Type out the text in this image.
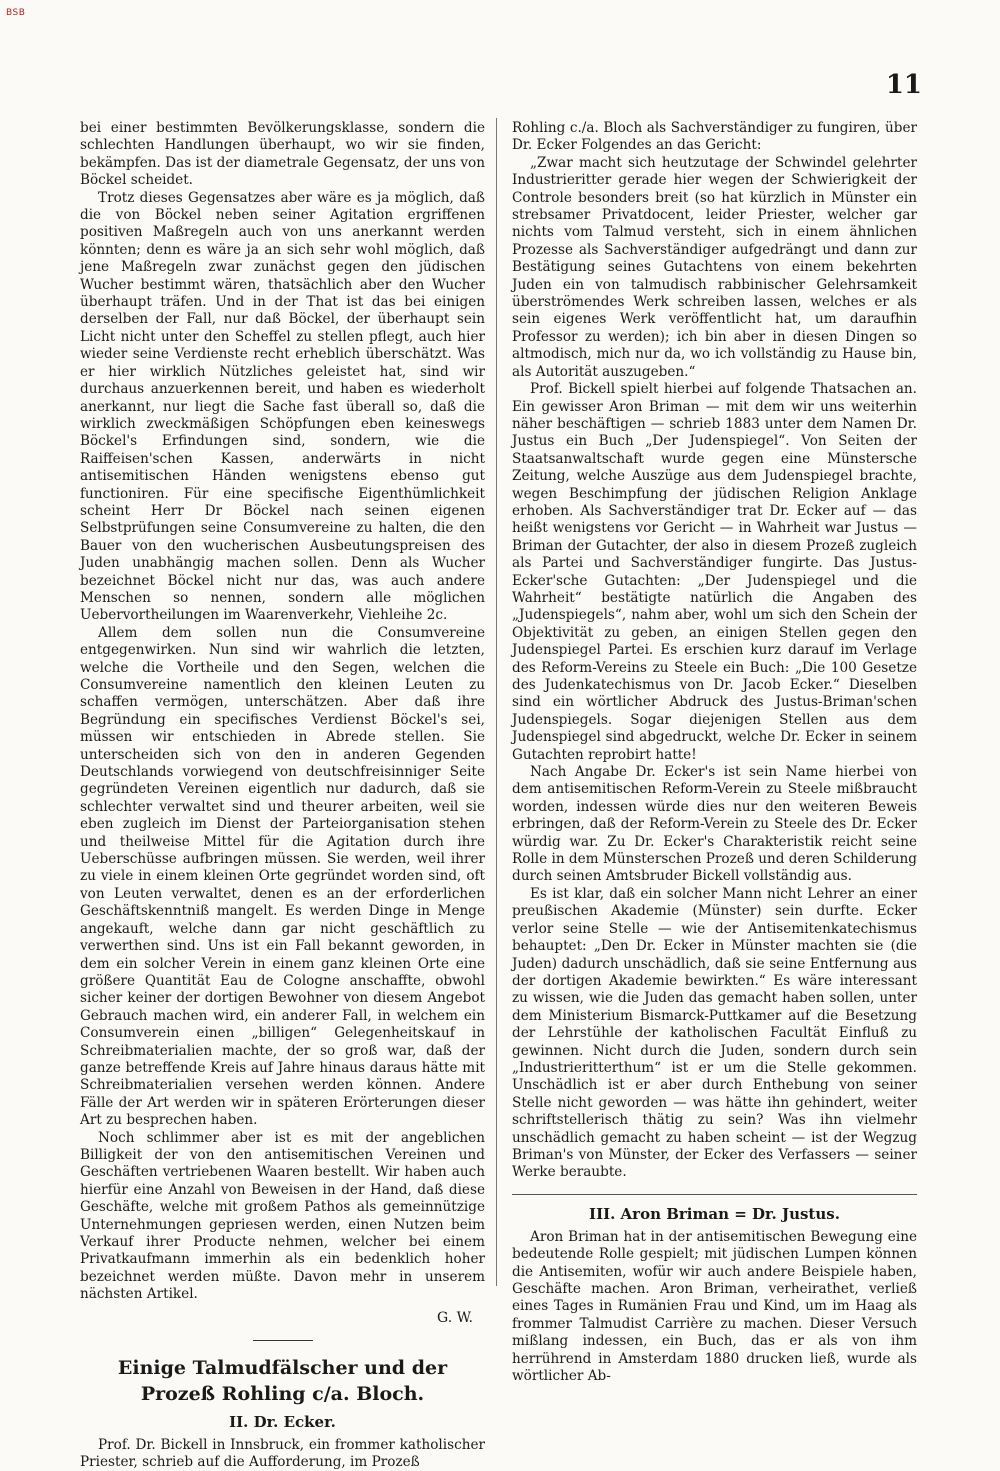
BSB
11

bei einer bestimmten Bevölkerungsklasse, sondern die schlechten Handlungen überhaupt, wo wir sie finden, bekämpfen. Das ist der diametrale Gegensatz, der uns von Böckel scheidet.

Trotz dieses Gegensatzes aber wäre es ja möglich, daß die von Böckel neben seiner Agitation ergriffenen positiven Maßregeln auch von uns anerkannt werden könnten; denn es wäre ja an sich sehr wohl möglich, daß jene Maßregeln zwar zunächst gegen den jüdischen Wucher bestimmt wären, thatsächlich aber den Wucher überhaupt träfen. Und in der That ist das bei einigen derselben der Fall, nur daß Böckel, der überhaupt sein Licht nicht unter den Scheffel zu stellen pflegt, auch hier wieder seine Verdienste recht erheblich überschätzt. Was er hier wirklich Nützliches geleistet hat, sind wir durchaus anzuerkennen bereit, und haben es wiederholt anerkannt, nur liegt die Sache fast überall so, daß die wirklich zweckmäßigen Schöpfungen eben keineswegs Böckel's Erfindungen sind, sondern, wie die Raiffeisen'schen Kassen, anderwärts in nicht antisemitischen Händen wenigstens ebenso gut functioniren. Für eine specifische Eigenthümlichkeit scheint Herr Dr Böckel nach seinen eigenen Selbstprüfungen seine Consumvereine zu halten, die den Bauer von den wucherischen Ausbeutungspreisen des Juden unabhängig machen sollen. Denn als Wucher bezeichnet Böckel nicht nur das, was auch andere Menschen so nennen, sondern alle möglichen Uebervortheilungen im Waarenverkehr, Viehleihe 2c.

Allem dem sollen nun die Consumvereine entgegenwirken. Nun sind wir wahrlich die letzten, welche die Vortheile und den Segen, welchen die Consumvereine namentlich den kleinen Leuten zu schaffen vermögen, unterschätzen. Aber daß ihre Begründung ein specifisches Verdienst Böckel's sei, müssen wir entschieden in Abrede stellen. Sie unterscheiden sich von den in anderen Gegenden Deutschlands vorwiegend von deutschfreisinniger Seite gegründeten Vereinen eigentlich nur dadurch, daß sie schlechter verwaltet sind und theurer arbeiten, weil sie eben zugleich im Dienst der Parteiorganisation stehen und theilweise Mittel für die Agitation durch ihre Ueberschüsse aufbringen müssen. Sie werden, weil ihrer zu viele in einem kleinen Orte gegründet worden sind, oft von Leuten verwaltet, denen es an der erforderlichen Geschäftskenntniß mangelt. Es werden Dinge in Menge angekauft, welche dann gar nicht geschäftlich zu verwerthen sind. Uns ist ein Fall bekannt geworden, in dem ein solcher Verein in einem ganz kleinen Orte eine größere Quantität Eau de Cologne anschaffte, obwohl sicher keiner der dortigen Bewohner von diesem Angebot Gebrauch machen wird, ein anderer Fall, in welchem ein Consumverein einen „billigen“ Gelegenheitskauf in Schreibmaterialien machte, der so groß war, daß der ganze betreffende Kreis auf Jahre hinaus daraus hätte mit Schreibmaterialien versehen werden können. Andere Fälle der Art werden wir in späteren Erörterungen dieser Art zu besprechen haben.

Noch schlimmer aber ist es mit der angeblichen Billigkeit der von den antisemitischen Vereinen und Geschäften vertriebenen Waaren bestellt. Wir haben auch hierfür eine Anzahl von Beweisen in der Hand, daß diese Geschäfte, welche mit großem Pathos als gemeinnützige Unternehmungen gepriesen werden, einen Nutzen beim Verkauf ihrer Producte nehmen, welcher bei einem Privatkaufmann immerhin als ein bedenklich hoher bezeichnet werden müßte. Davon mehr in unserem nächsten Artikel.

G. W.
Einige Talmudfälscher und der Prozeß Rohling c/a. Bloch.
II. Dr. Ecker.

Prof. Dr. Bickell in Innsbruck, ein frommer katholischer Priester, schrieb auf die Aufforderung, im Prozeß

Rohling c./a. Bloch als Sachverständiger zu fungiren, über Dr. Ecker Folgendes an das Gericht:

„Zwar macht sich heutzutage der Schwindel gelehrter Industrieritter gerade hier wegen der Schwierigkeit der Controle besonders breit (so hat kürzlich in Münster ein strebsamer Privatdocent, leider Priester, welcher gar nichts vom Talmud versteht, sich in einem ähnlichen Prozesse als Sachverständiger aufgedrängt und dann zur Bestätigung seines Gutachtens von einem bekehrten Juden ein von talmudisch rabbinischer Gelehrsamkeit überströmendes Werk schreiben lassen, welches er als sein eigenes Werk veröffentlicht hat, um daraufhin Professor zu werden); ich bin aber in diesen Dingen so altmodisch, mich nur da, wo ich vollständig zu Hause bin, als Autorität auszugeben.“

Prof. Bickell spielt hierbei auf folgende Thatsachen an. Ein gewisser Aron Briman — mit dem wir uns weiterhin näher beschäftigen — schrieb 1883 unter dem Namen Dr. Justus ein Buch „Der Judenspiegel“. Von Seiten der Staatsanwaltschaft wurde gegen eine Münstersche Zeitung, welche Auszüge aus dem Judenspiegel brachte, wegen Beschimpfung der jüdischen Religion Anklage erhoben. Als Sachverständiger trat Dr. Ecker auf — das heißt wenigstens vor Gericht — in Wahrheit war Justus — Briman der Gutachter, der also in diesem Prozeß zugleich als Partei und Sachverständiger fungirte. Das Justus-Ecker'sche Gutachten: „Der Judenspiegel und die Wahrheit“ bestätigte natürlich die Angaben des „Judenspiegels“, nahm aber, wohl um sich den Schein der Objektivität zu geben, an einigen Stellen gegen den Judenspiegel Partei. Es erschien kurz darauf im Verlage des Reform-Vereins zu Steele ein Buch: „Die 100 Gesetze des Judenkatechismus von Dr. Jacob Ecker.“ Dieselben sind ein wörtlicher Abdruck des Justus-Briman'schen Judenspiegels. Sogar diejenigen Stellen aus dem Judenspiegel sind abgedruckt, welche Dr. Ecker in seinem Gutachten reprobirt hatte!

Nach Angabe Dr. Ecker's ist sein Name hierbei von dem antisemitischen Reform-Verein zu Steele mißbraucht worden, indessen würde dies nur den weiteren Beweis erbringen, daß der Reform-Verein zu Steele des Dr. Ecker würdig war. Zu Dr. Ecker's Charakteristik reicht seine Rolle in dem Münsterschen Prozeß und deren Schilderung durch seinen Amtsbruder Bickell vollständig aus.

Es ist klar, daß ein solcher Mann nicht Lehrer an einer preußischen Akademie (Münster) sein durfte. Ecker verlor seine Stelle — wie der Antisemitenkatechismus behauptet: „Den Dr. Ecker in Münster machten sie (die Juden) dadurch unschädlich, daß sie seine Entfernung aus der dortigen Akademie bewirkten.“ Es wäre interessant zu wissen, wie die Juden das gemacht haben sollen, unter dem Ministerium Bismarck-Puttkamer auf die Besetzung der Lehrstühle der katholischen Facultät Einfluß zu gewinnen. Nicht durch die Juden, sondern durch sein „Industrieritterthum“ ist er um die Stelle gekommen. Unschädlich ist er aber durch Enthebung von seiner Stelle nicht geworden — was hätte ihn gehindert, weiter schriftstellerisch thätig zu sein? Was ihn vielmehr unschädlich gemacht zu haben scheint — ist der Wegzug Briman's von Münster, der Ecker des Verfassers — seiner Werke beraubte.

III. Aron Briman = Dr. Justus.

Aron Briman hat in der antisemitischen Bewegung eine bedeutende Rolle gespielt; mit jüdischen Lumpen können die Antisemiten, wofür wir auch andere Beispiele haben, Geschäfte machen. Aron Briman, verheirathet, verließ eines Tages in Rumänien Frau und Kind, um im Haag als frommer Talmudist Carrière zu machen. Dieser Versuch mißlang indessen, ein Buch, das er als von ihm herrührend in Amsterdam 1880 drucken ließ, wurde als wörtlicher Ab-
